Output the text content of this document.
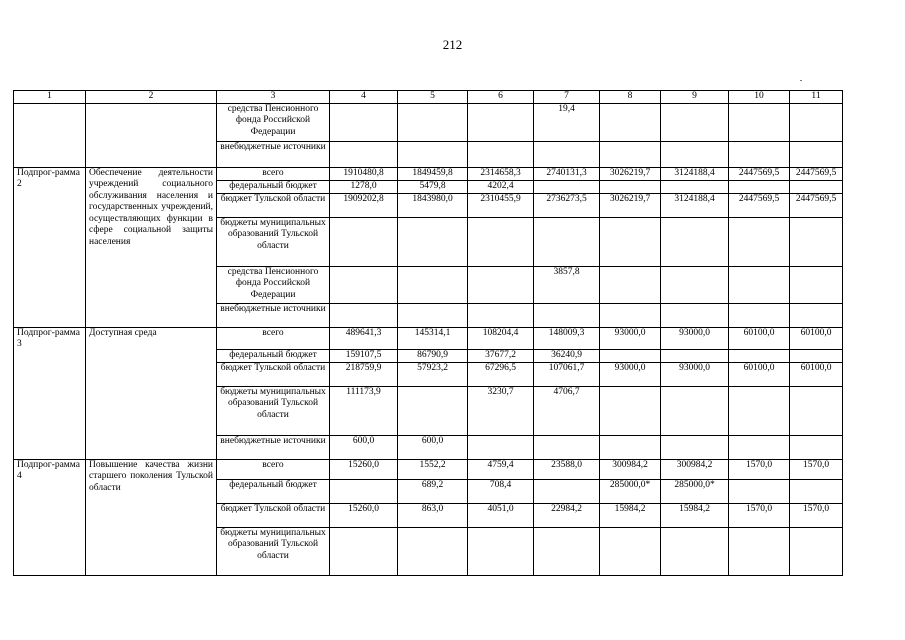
212
1	2	3	4	5	6	7	8	9	10	11
		средства Пенсионного фонда Российской Федерации				19,4				
		внебюджетные источники								
Подпрог-рамма 2	Обеспечение деятельности учреждений социального обслуживания населения и государственных учреждений, осуществляющих функции в сфере социальной защиты населения	всего	1910480,8	1849459,8	2314658,3	2740131,3	3026219,7	3124188,4	2447569,5	2447569,5
		федеральный бюджет	1278,0	5479,8	4202,4					
		бюджет Тульской области	1909202,8	1843980,0	2310455,9	2736273,5	3026219,7	3124188,4	2447569,5	2447569,5
		бюджеты муниципальных образований Тульской области								
		средства Пенсионного фонда Российской Федерации				3857,8				
		внебюджетные источники								
Подпрог-рамма 3	Доступная среда	всего	489641,3	145314,1	108204,4	148009,3	93000,0	93000,0	60100,0	60100,0
		федеральный бюджет	159107,5	86790,9	37677,2	36240,9				
		бюджет Тульской области	218759,9	57923,2	67296,5	107061,7	93000,0	93000,0	60100,0	60100,0
		бюджеты муниципальных образований Тульской области	111173,9		3230,7	4706,7				
		внебюджетные источники	600,0	600,0						
Подпрог-рамма 4	Повышение качества жизни старшего поколения Тульской области	всего	15260,0	1552,2	4759,4	23588,0	300984,2	300984,2	1570,0	1570,0
		федеральный бюджет		689,2	708,4		285000,0*	285000,0*		
		бюджет Тульской области	15260,0	863,0	4051,0	22984,2	15984,2	15984,2	1570,0	1570,0
		бюджеты муниципальных образований Тульской области								
